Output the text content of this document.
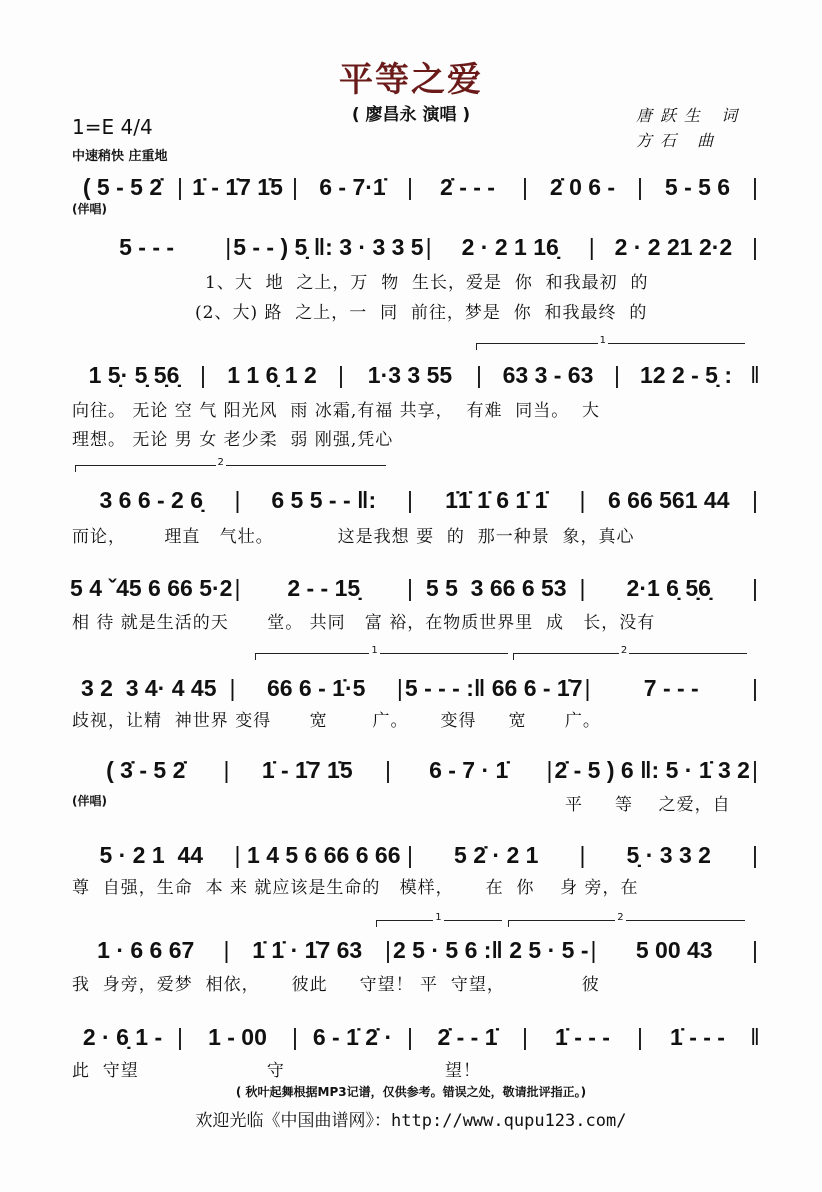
平等之爱
( 廖昌永 演唱 )
1=E 4/4
中速稍快 庄重地
唐跃生 词
方石 曲
(伴唱)
(伴唱)
1
2
1	2
1	2
( 5 - 5 2̇ | 1̇ - 1̇7 1̇5 | 6 - 7·1̇ |	2̇ - - -	| 2̇ 0 6 - | 5 - 5 6 |
5 - - -	| 5 - - ) 5̣ ‖: 3 · 3 3 5 |	2 · 2 1 16̣	| 2 · 2 21 2·2 |
1、大  地  之上，万  物  生长，爱是  你  和我最初  的
(2、大) 路  之上，一  同  前往，梦是  你  和我最终  的
1 5̣· 5̣ 5̣6̣ | 1 1 6̣ 1 2 |	1·3 3 55	| 63 3 - 63 | 12 2 - 5̣ : ‖
向往。 无论 空 气 阳光风  雨 冰霜,有福 共享，  有难  同当。  大
理想。 无论 男 女 老少柔  弱 刚强,凭心
3 6 6 - 2 6̣	|	6 5 5 - - ‖:	|	1̇1̇ 1̇ 6 1̇ 1̇	| 6 66 561 44 |
而论，      理直   气壮。          这是我想 要  的  那一种景  象，真心
5 4 ˇ45 6 66 5·2 |	2 - - 15̣	| 5 5  3 66 6 53 |	2·1 6̣ 5̣6̣	|
相 待 就是生活的天      堂。 共同   富 裕，在物质世界里  成   长，没有
3 2  3 4· 4 45 |	66 6 - 1̇·5	| 5 - - - :‖ 66 6 - 1̇7 |	7 - - -	|
歧视，让精  神世界 变得      宽       广。     变得     宽      广。
( 3̇ - 5 2̇	|	1̇ - 1̇7 1̇5	|	6 - 7 · 1̇	| 2̇ - 5 ) 6 ‖: 5 · 1̇ 3 2 |
平     等    之爱，自
5 · 2 1  44	| 1 4 5 6 66 6 66 |	5 2̇ · 2 1	|	5̣ · 3 3 2	|
尊  自强，生命  本 来 就应该是生命的   模样，     在  你    身 旁，在
1 · 6 6 67	| 1̇ 1̇ · 1̇7 63 | 2 5 · 5 6 :‖ 2 5 · 5 - |	5 00 43	|
我  身旁，爱梦  相依，     彼此     守望！ 平  守望，            彼
2 · 6̣ 1 - |	1 - 00	| 6 - 1̇ 2̇ · |	2̇ - - 1̇	|	1̇ - - -	|	1̇ - - -	‖
此  守望                    守                         望！
( 秋叶起舞根据MP3记谱，仅供参考。错误之处，敬请批评指正。)
欢迎光临《中国曲谱网》：http://www.qupu123.com/
